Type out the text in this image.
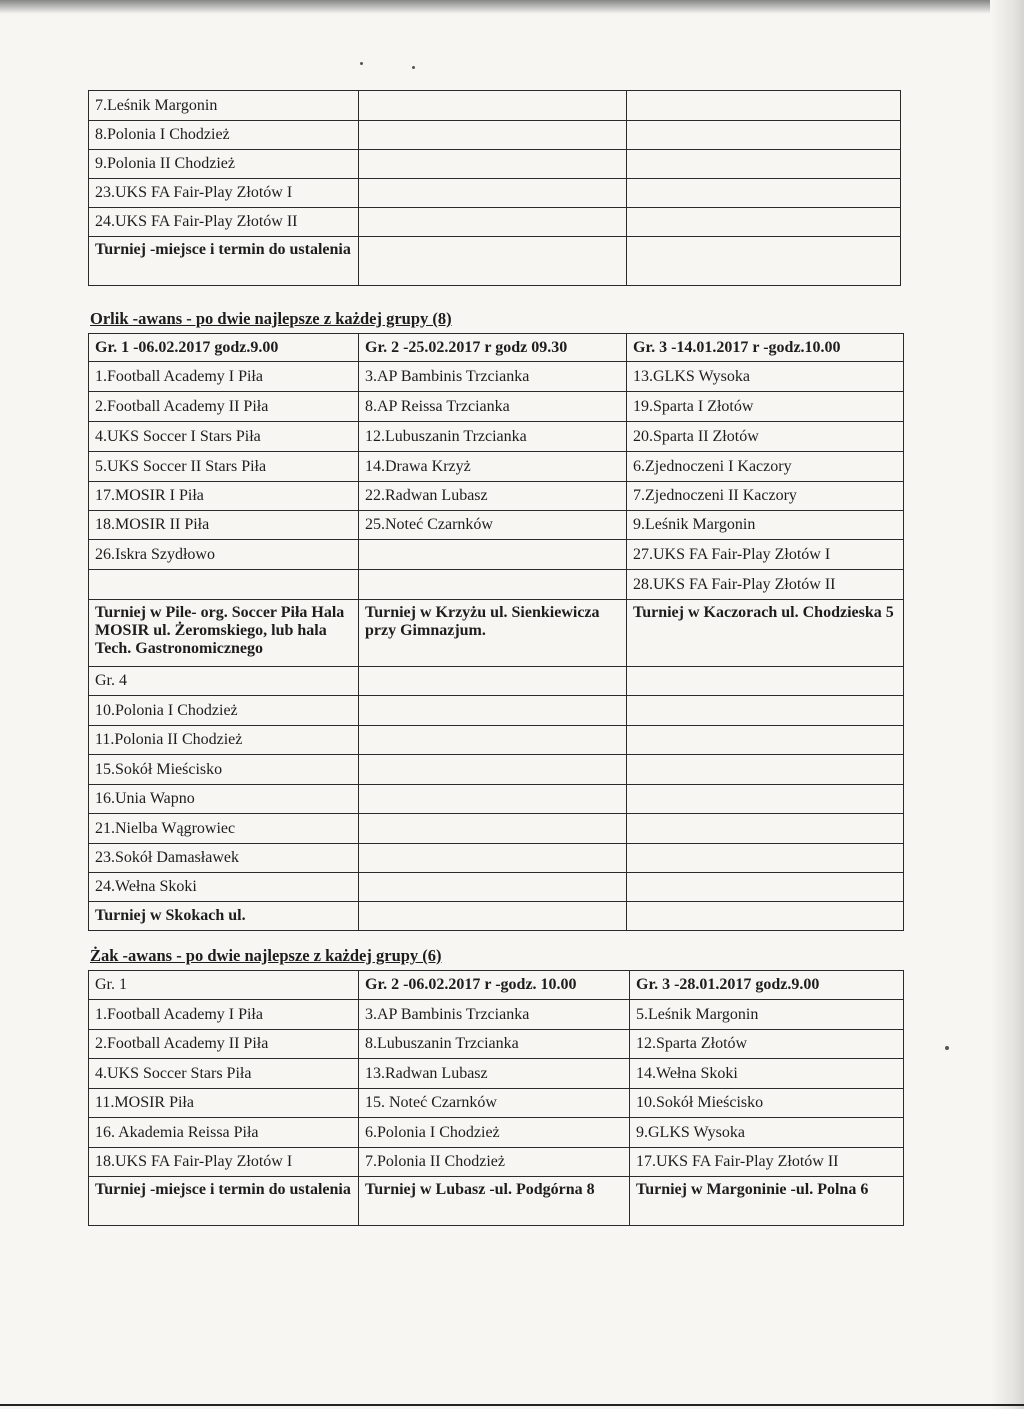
7.Leśnik Margonin		
8.Polonia I Chodzież		
9.Polonia II Chodzież		
23.UKS FA Fair-Play Złotów I		
24.UKS FA Fair-Play Złotów II		
Turniej -miejsce i termin do ustalenia		
Orlik -awans - po dwie najlepsze z każdej grupy (8)
Gr. 1 -06.02.2017 godz.9.00	Gr. 2 -25.02.2017 r godz 09.30	Gr. 3 -14.01.2017 r -godz.10.00
1.Football Academy I Piła	3.AP Bambinis Trzcianka	13.GLKS Wysoka
2.Football Academy II Piła	8.AP Reissa Trzcianka	19.Sparta I Złotów
4.UKS Soccer I Stars Piła	12.Lubuszanin Trzcianka	20.Sparta II Złotów
5.UKS Soccer II Stars Piła	14.Drawa Krzyż	6.Zjednoczeni I Kaczory
17.MOSIR I Piła	22.Radwan Lubasz	7.Zjednoczeni II Kaczory
18.MOSIR II Piła	25.Noteć Czarnków	9.Leśnik Margonin
26.Iskra Szydłowo		27.UKS FA Fair-Play Złotów I
		28.UKS FA Fair-Play Złotów II
Turniej w Pile- org. Soccer Piła Hala MOSIR ul. Żeromskiego, lub hala Tech. Gastronomicznego	Turniej w Krzyżu ul. Sienkiewicza przy Gimnazjum.	Turniej w Kaczorach ul. Chodzieska 5
Gr. 4		
10.Polonia I Chodzież		
11.Polonia II Chodzież		
15.Sokół Mieścisko		
16.Unia Wapno		
21.Nielba Wągrowiec		
23.Sokół Damasławek		
24.Wełna Skoki		
Turniej w Skokach ul.		
Żak -awans - po dwie najlepsze z każdej grupy (6)
Gr. 1	Gr. 2 -06.02.2017 r -godz. 10.00	Gr. 3 -28.01.2017 godz.9.00
1.Football Academy I Piła	3.AP Bambinis Trzcianka	5.Leśnik Margonin
2.Football Academy II Piła	8.Lubuszanin Trzcianka	12.Sparta Złotów
4.UKS Soccer Stars Piła	13.Radwan Lubasz	14.Wełna Skoki
11.MOSIR Piła	15. Noteć Czarnków	10.Sokół Mieścisko
16. Akademia Reissa Piła	6.Polonia I Chodzież	9.GLKS Wysoka
18.UKS FA Fair-Play Złotów I	7.Polonia II Chodzież	17.UKS FA Fair-Play Złotów II
Turniej -miejsce i termin do ustalenia	Turniej w Lubasz -ul. Podgórna 8	Turniej w Margoninie -ul. Polna 6
